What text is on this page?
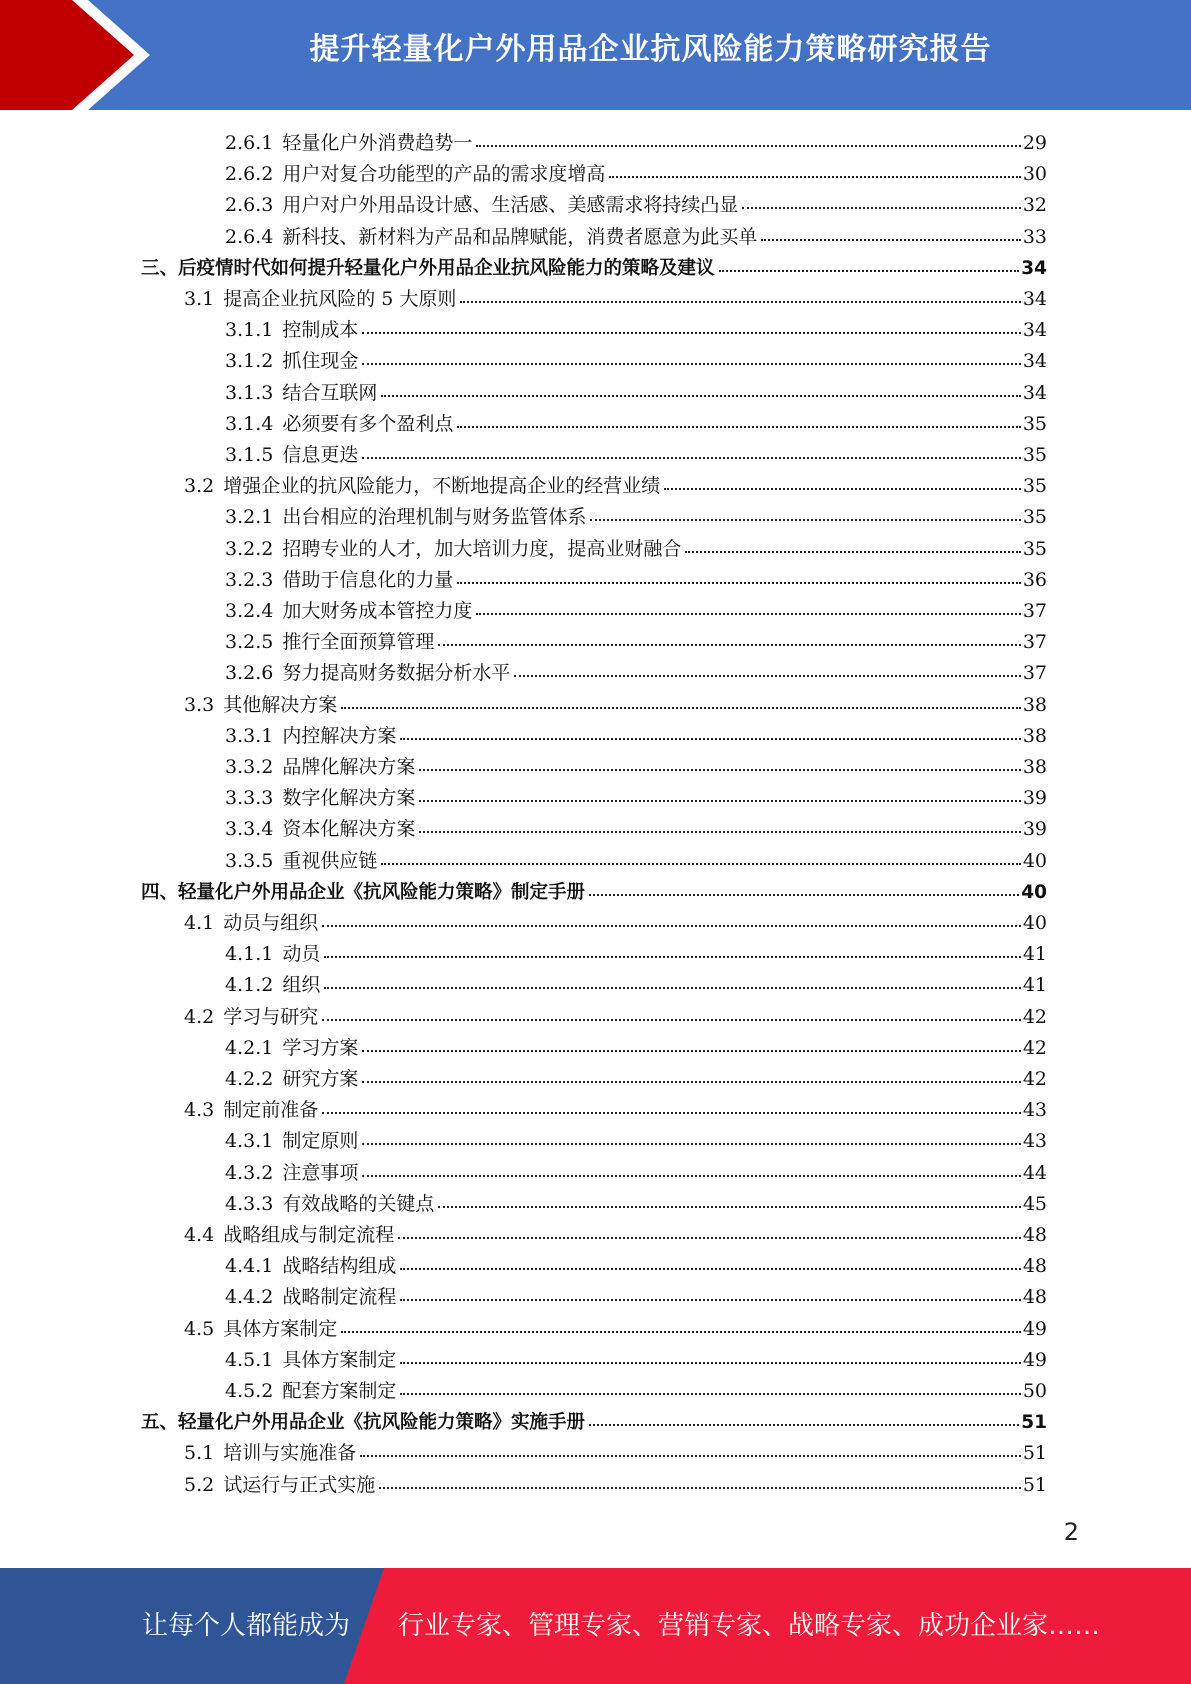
提升轻量化户外用品企业抗风险能力策略研究报告
2.6.1 轻量化户外消费趋势一	29
2.6.2 用户对复合功能型的产品的需求度增高	30
2.6.3 用户对户外用品设计感、生活感、美感需求将持续凸显	32
2.6.4 新科技、新材料为产品和品牌赋能，消费者愿意为此买单	33
三、后疫情时代如何提升轻量化户外用品企业抗风险能力的策略及建议	34
3.1 提高企业抗风险的 5 大原则	34
3.1.1 控制成本	34
3.1.2 抓住现金	34
3.1.3 结合互联网	34
3.1.4 必须要有多个盈利点	35
3.1.5 信息更迭	35
3.2 增强企业的抗风险能力，不断地提高企业的经营业绩	35
3.2.1 出台相应的治理机制与财务监管体系	35
3.2.2 招聘专业的人才，加大培训力度，提高业财融合	35
3.2.3 借助于信息化的力量	36
3.2.4 加大财务成本管控力度	37
3.2.5 推行全面预算管理	37
3.2.6 努力提高财务数据分析水平	37
3.3 其他解决方案	38
3.3.1 内控解决方案	38
3.3.2 品牌化解决方案	38
3.3.3 数字化解决方案	39
3.3.4 资本化解决方案	39
3.3.5 重视供应链	40
四、轻量化户外用品企业《抗风险能力策略》制定手册	40
4.1 动员与组织	40
4.1.1 动员	41
4.1.2 组织	41
4.2 学习与研究	42
4.2.1 学习方案	42
4.2.2 研究方案	42
4.3 制定前准备	43
4.3.1 制定原则	43
4.3.2 注意事项	44
4.3.3 有效战略的关键点	45
4.4 战略组成与制定流程	48
4.4.1 战略结构组成	48
4.4.2 战略制定流程	48
4.5 具体方案制定	49
4.5.1 具体方案制定	49
4.5.2 配套方案制定	50
五、轻量化户外用品企业《抗风险能力策略》实施手册	51
5.1 培训与实施准备	51
5.2 试运行与正式实施	51
2
让每个人都能成为 行业专家、管理专家、营销专家、战略专家、成功企业家……
